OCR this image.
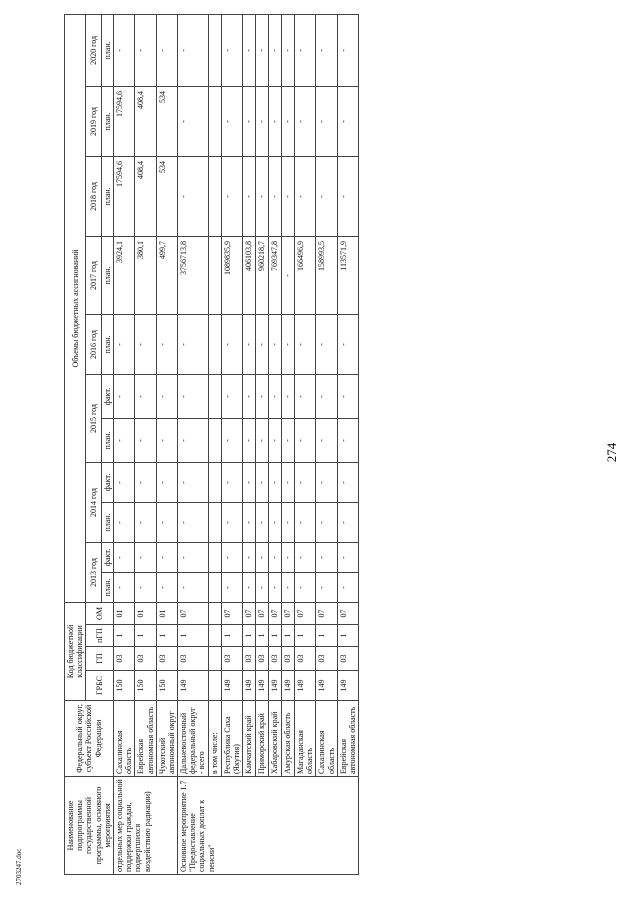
274
2703247.doc
Наименование подпрограммы государственной программы, основного мероприятия	Федеральный округ, субъект Российской Федерации	Код бюджетной классификации				Объемы бюджетных ассигнований										
		ГРБС	ГП	пГП	ОМ	2013 год		2014 год		2015 год		2016 год	2017 год	2018 год	2019 год	2020 год
						план.	факт.	план.	факт.	план.	факт.	план.	план.	план.	план.	план.
отдельных мер социальной поддержки граждан, подвергшихся воздействию радиации)	Сахалинская область	150	03	1	01	-	-	-	-	-	-	-	3924,1	17594,6	17594,6	-
	Еврейская автономная область	150	03	1	01	-	-	-	-	-	-	-	380,1	408,4	408,4	-
	Чукотский автономный округ	150	03	1	01	-	-	-	-	-	-	-	499,7	534	534	-
Основное мероприятие 1.7 "Предоставление социальных доплат к пенсии"	Дальневосточный федеральный округ - всего	149	03	1	07	-	-	-	-	-	-	-	3756713,8	-	-	-
	в том числе:															
	Республика Саха (Якутия)	149	03	1	07	-	-	-	-	-	-	-	1089835,9	-	-	-
	Камчатский край	149	03	1	07	-	-	-	-	-	-	-	406103,8	-	-	-
	Приморский край	149	03	1	07	-	-	-	-	-	-	-	960218,7	-	-	-
	Хабаровский край	149	03	1	07	-	-	-	-	-	-	-	769347,8	-	-	-
	Амурская область	149	03	1	07	-	-	-	-	-	-	-	-	-	-	-
	Магаданская область	149	03	1	07	-	-	-	-	-	-	-	166496,9	-	-	-
	Сахалинская область	149	03	1	07	-	-	-	-	-	-	-	158993,5	-	-	-
	Еврейская автономная область	149	03	1	07	-	-	-	-	-	-	-	113571,9	-	-	-
